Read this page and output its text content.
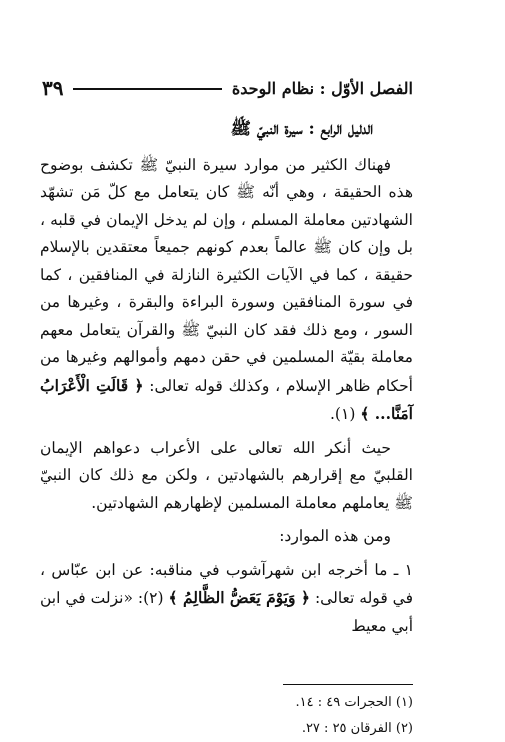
الفصل الأوّل : نظام الوحدة
٣٩
الدليل الرابع : سيرة النبيّ ﷺ

فهناك الكثير من موارد سيرة النبيّ ﷺ تكشف بوضوح هذه الحقيقة ، وهي أنّه ﷺ كان يتعامل مع كلّ مَن تشهّد الشهادتين معاملة المسلم ، وإن لم يدخل الإيمان في قلبه ، بل وإن كان ﷺ عالماً بعدم كونهم جميعاً معتقدين بالإسلام حقيقة ، كما في الآيات الكثيرة النازلة في المنافقين ، كما في سورة المنافقين وسورة البراءة والبقرة ، وغيرها من السور ، ومع ذلك فقد كان النبيّ ﷺ والقرآن يتعامل معهم معاملة بقيّة المسلمين في حقن دمهم وأموالهم وغيرها من أحكام ظاهر الإسلام ، وكذلك قوله تعالى: ﴿ قَالَتِ الْأَعْرَابُ آمَنَّا... ﴾ (١).

حيث أنكر الله تعالى على الأعراب دعواهم الإيمان القلبيّ مع إقرارهم بالشهادتين ، ولكن مع ذلك كان النبيّ ﷺ يعاملهم معاملة المسلمين لإظهارهم الشهادتين.

ومن هذه الموارد:

١ ـ ما أخرجه ابن شهرآشوب في مناقبه: عن ابن عبّاس ، في قوله تعالى: ﴿ وَيَوْمَ يَعَضُّ الظَّالِمُ ﴾ (٢): «نزلت في ابن أبي معيط

(١) الحجرات ٤٩ : ١٤.
(٢) الفرقان ٢٥ : ٢٧.
